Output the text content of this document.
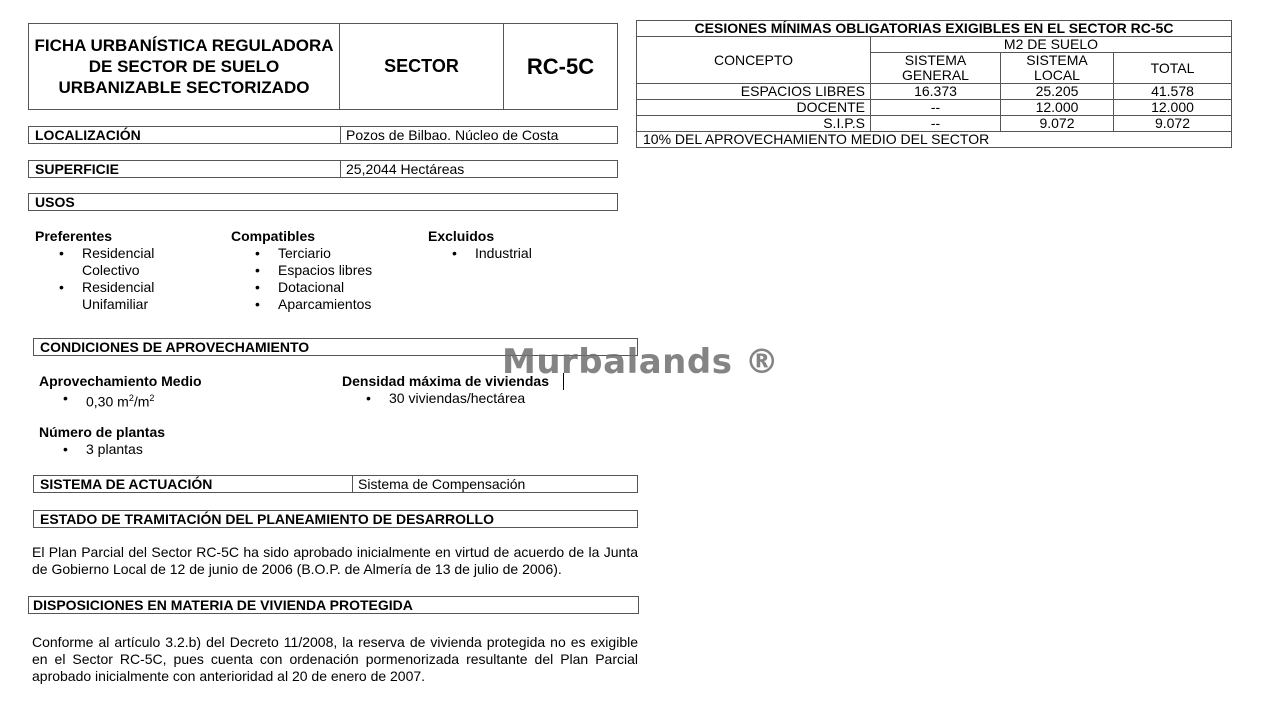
FICHA URBANÍSTICA REGULADORA DE SECTOR DE SUELO URBANIZABLE SECTORIZADO
SECTOR	RC-5C
LOCALIZACIÓN	Pozos de Bilbao. Núcleo de Costa
SUPERFICIE	25,2044 Hectáreas
USOS
Preferentes
• Residencial Colectivo
• Residencial Unifamiliar
Compatibles
• Terciario
• Espacios libres
• Dotacional
• Aparcamientos
Excluidos
• Industrial
CONDICIONES DE APROVECHAMIENTO
Aprovechamiento Medio
• 0,30 $m^2/m^2$
Densidad máxima de viviendas
• 30 viviendas/hectárea
Número de plantas
• 3 plantas
SISTEMA DE ACTUACIÓN	Sistema de Compensación
ESTADO DE TRAMITACIÓN DEL PLANEAMIENTO DE DESARROLLO
El Plan Parcial del Sector RC-5C ha sido aprobado inicialmente en virtud de acuerdo de la Junta de Gobierno Local de 12 de junio de 2006 (B.O.P. de Almería de 13 de julio de 2006).
DISPOSICIONES EN MATERIA DE VIVIENDA PROTEGIDA
Conforme al artículo 3.2.b) del Decreto 11/2008, la reserva de vivienda protegida no es exigible en el Sector RC-5C, pues cuenta con ordenación pormenorizada resultante del Plan Parcial aprobado inicialmente con anterioridad al 20 de enero de 2007.
CESIONES MÍNIMAS OBLIGATORIAS EXIGIBLES EN EL SECTOR RC-5C			
CONCEPTO	M2 DE SUELO		
	SISTEMA GENERAL	SISTEMA LOCAL	TOTAL
ESPACIOS LIBRES	16.373	25.205	41.578
DOCENTE	--	12.000	12.000
S.I.P.S	--	9.072	9.072
10% DEL APROVECHAMIENTO MEDIO DEL SECTOR			
Murbalands ®
